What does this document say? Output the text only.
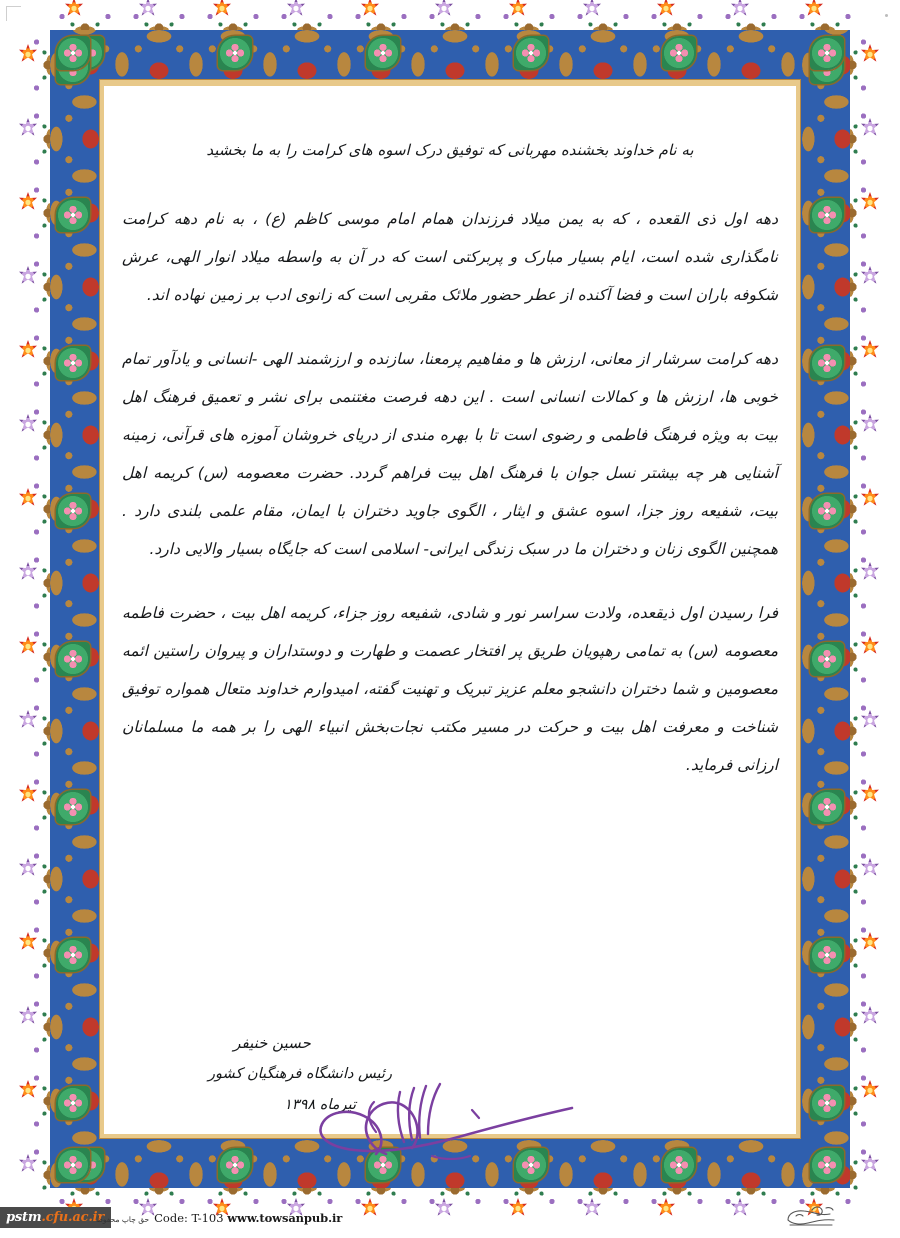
به نام خداوند بخشنده مهربانی که توفیق درک اسوه های کرامت را به ما بخشید
دهه اول ذی القعده ، که به یمن میلاد فرزندان همام امام موسی کاظم (ع) ، به نام دهه کرامت نامگذاری شده است، ایام بسیار مبارک و پربرکتی است که در آن به واسطه میلاد انوار الهی، عرش شکوفه باران است و فضا آکنده از عطر حضور ملائک مقربی است که زانوی ادب بر زمین نهاده اند.
دهه کرامت سرشار از معانی، ارزش ها و مفاهیم پرمعنا، سازنده و ارزشمند الهی -انسانی و یادآور تمام خوبی ها، ارزش ها و کمالات انسانی است . این دهه فرصت مغتنمی برای نشر و تعمیق فرهنگ اهل بیت به ویژه فرهنگ فاطمی و رضوی است تا با بهره مندی از دریای خروشان آموزه های قرآنی، زمینه آشنایی هر چه بیشتر نسل جوان با فرهنگ اهل بیت فراهم گردد. حضرت معصومه (س) کریمه اهل بیت، شفیعه روز جزا، اسوه عشق و ایثار ، الگوی جاوید دختران با ایمان، مقام علمی بلندی دارد . همچنین الگوی زنان و دختران ما در سبک زندگی ایرانی- اسلامی است که جایگاه بسیار والایی دارد.
فرا رسیدن اول ذیقعده، ولادت سراسر نور و شادی، شفیعه روز جزاء، کریمه اهل بیت ، حضرت فاطمه معصومه (س) به تمامی رهپویان طریق پر افتخار عصمت و طهارت و دوستداران و پیروان راستین ائمه معصومین و شما دختران دانشجو معلم عزیز تبریک و تهنیت گفته، امیدوارم خداوند متعال همواره توفیق شناخت و معرفت اهل بیت و حرکت در مسیر مکتب نجات‌بخش انبیاء الهی را بر همه ما مسلمانان ارزانی فرماید.
حسین خنیفر
رئیس دانشگاه فرهنگیان کشور
تیرماه ۱۳۹۸
pstm.cfu.ac.ir
حق چاپ محفوظ Code: T-103 www.towsanpub.ir
